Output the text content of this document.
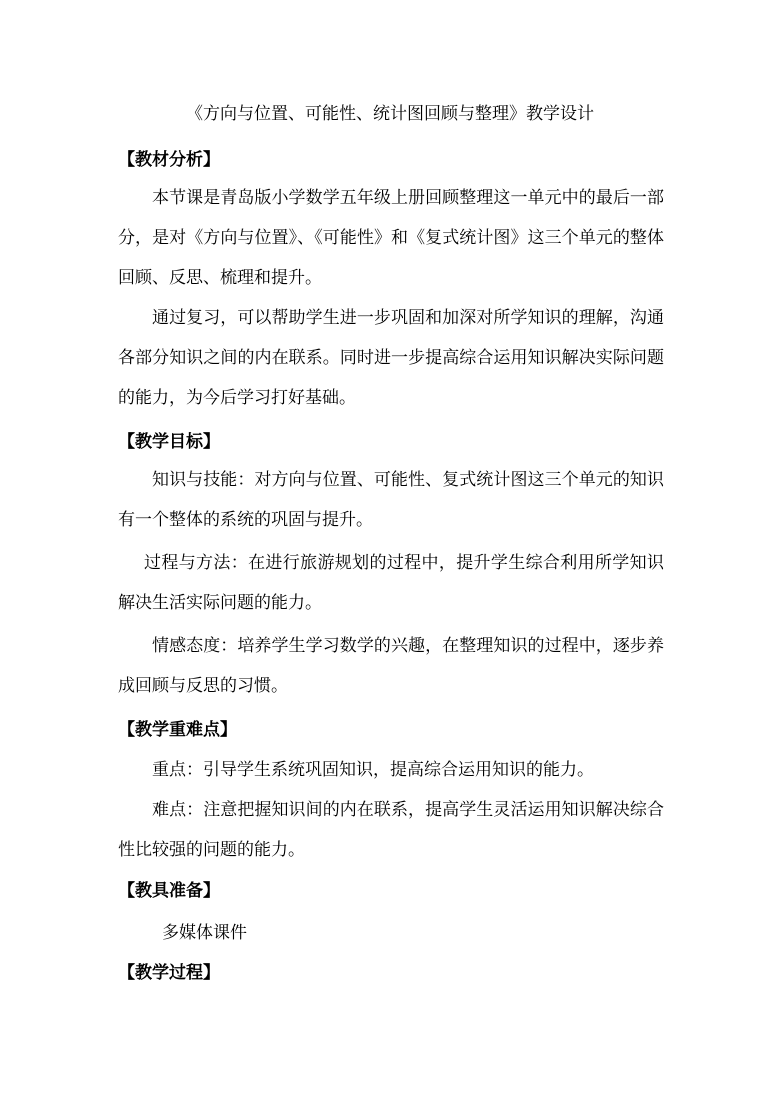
《方向与位置、可能性、统计图回顾与整理》教学设计
【教材分析】
本节课是青岛版小学数学五年级上册回顾整理这一单元中的最后一部分，是对《方向与位置》、《可能性》和《复式统计图》这三个单元的整体回顾、反思、梳理和提升。
通过复习，可以帮助学生进一步巩固和加深对所学知识的理解，沟通各部分知识之间的内在联系。同时进一步提高综合运用知识解决实际问题的能力，为今后学习打好基础。
【教学目标】
知识与技能：对方向与位置、可能性、复式统计图这三个单元的知识有一个整体的系统的巩固与提升。
过程与方法：在进行旅游规划的过程中，提升学生综合利用所学知识解决生活实际问题的能力。
情感态度：培养学生学习数学的兴趣，在整理知识的过程中，逐步养成回顾与反思的习惯。
【教学重难点】
重点：引导学生系统巩固知识，提高综合运用知识的能力。
难点：注意把握知识间的内在联系，提高学生灵活运用知识解决综合性比较强的问题的能力。
【教具准备】
多媒体课件
【教学过程】
